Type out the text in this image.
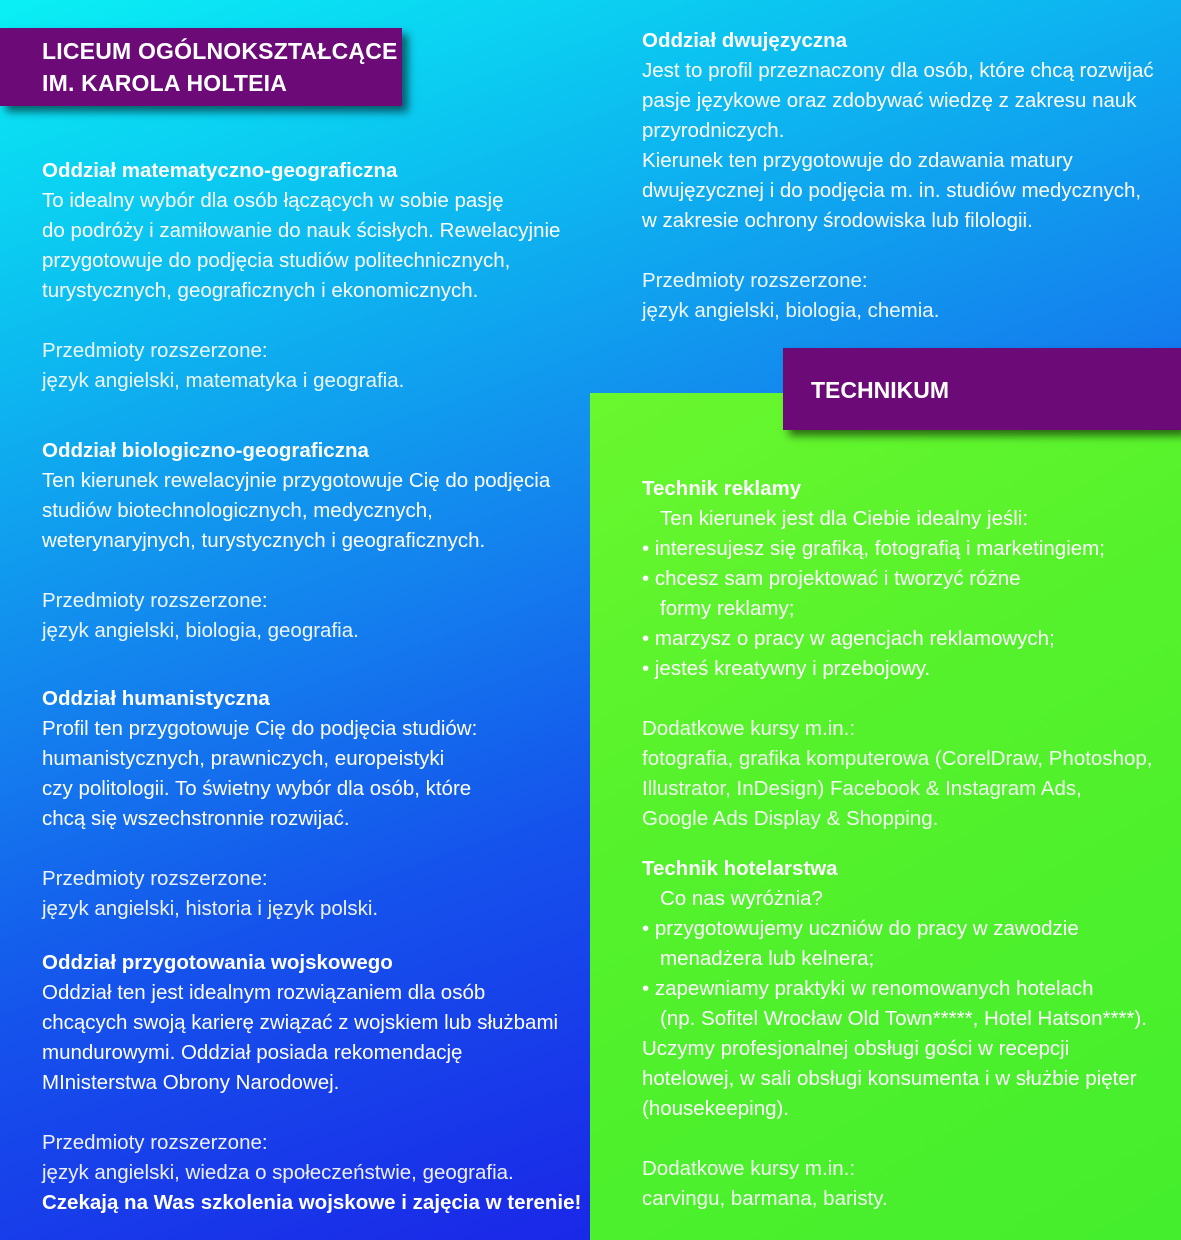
LICEUM OGÓLNOKSZTAŁCĄCE
IM. KAROLA HOLTEIA
TECHNIKUM
Oddział matematyczno-geograficzna
To idealny wybór dla osób łączących w sobie pasję
do podróży i zamiłowanie do nauk ścisłych. Rewelacyjnie
przygotowuje do podjęcia studiów politechnicznych,
turystycznych, geograficznych i ekonomicznych.
Przedmioty rozszerzone:
język angielski, matematyka i geografia.
Oddział biologiczno-geograficzna
Ten kierunek rewelacyjnie przygotowuje Cię do podjęcia
studiów biotechnologicznych, medycznych,
weterynaryjnych, turystycznych i geograficznych.
Przedmioty rozszerzone:
język angielski, biologia, geografia.
Oddział humanistyczna
Profil ten przygotowuje Cię do podjęcia studiów:
humanistycznych, prawniczych, europeistyki
czy politologii. To świetny wybór dla osób, które
chcą się wszechstronnie rozwijać.
Przedmioty rozszerzone:
język angielski, historia i język polski.
Oddział przygotowania wojskowego
Oddział ten jest idealnym rozwiązaniem dla osób
chcących swoją karierę związać z wojskiem lub służbami
mundurowymi. Oddział posiada rekomendację
MInisterstwa Obrony Narodowej.
Przedmioty rozszerzone:
język angielski, wiedza o społeczeństwie, geografia.
Czekają na Was szkolenia wojskowe i zajęcia w terenie!
Oddział dwujęzyczna
Jest to profil przeznaczony dla osób, które chcą rozwijać
pasje językowe oraz zdobywać wiedzę z zakresu nauk
przyrodniczych.
Kierunek ten przygotowuje do zdawania matury
dwujęzycznej i do podjęcia m. in. studiów medycznych,
w zakresie ochrony środowiska lub filologii.
Przedmioty rozszerzone:
język angielski, biologia, chemia.
Technik reklamy
Ten kierunek jest dla Ciebie idealny jeśli:
• interesujesz się grafiką, fotografią i marketingiem;
• chcesz sam projektować i tworzyć różne
formy reklamy;
• marzysz o pracy w agencjach reklamowych;
• jesteś kreatywny i przebojowy.
Dodatkowe kursy m.in.:
fotografia, grafika komputerowa (CorelDraw, Photoshop,
Illustrator, InDesign) Facebook & Instagram Ads,
Google Ads Display & Shopping.
Technik hotelarstwa
Co nas wyróżnia?
• przygotowujemy uczniów do pracy w zawodzie
menadżera lub kelnera;
• zapewniamy praktyki w renomowanych hotelach
(np. Sofitel Wrocław Old Town*****, Hotel Hatson****).
Uczymy profesjonalnej obsługi gości w recepcji
hotelowej, w sali obsługi konsumenta i w służbie pięter
(housekeeping).
Dodatkowe kursy m.in.:
carvingu, barmana, baristy.
